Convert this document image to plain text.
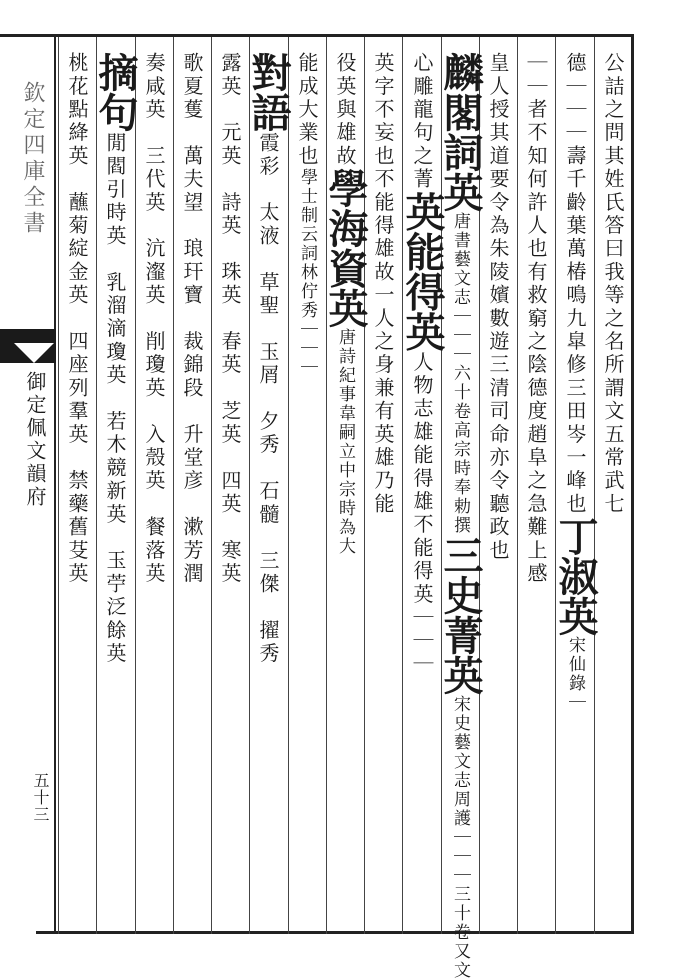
欽定四庫全書
御定佩文韻府
五十三
公詰之問其姓氏答曰我等之名所謂文五常武七
德｜｜｜壽千齡葉萬椿鳴九皐修三田岑一峰也丁淑英宋仙錄｜
｜｜者不知何許人也有救窮之陰德度趙阜之急難上感
皇人授其道要令為朱陵嬪數遊三清司命亦令聽政也
麟閣詞英唐書藝文志｜｜｜六十卷高宗時奉勅撰三史菁英宋史藝文志周護｜｜｜三十卷又文
心雕龍句之菁英能得英人物志雄能得雄不能得英｜｜｜
英字不妄也不能得雄故一人之身兼有英雄乃能
役英與雄故學海資英唐詩紀事韋嗣立中宗時為大
能成大業也學士制云詞林佇秀｜｜｜
對語霞彩　太液　草聖　玉屑　夕秀　石髓　三傑　擢秀
露英　元英　詩英　珠英　春英　芝英　四英　寒英
歌夏蒦　萬夫望　琅玕寶　裁錦段　升堂彦　漱芳潤
奏咸英　三代英　沆瀣英　削瓊英　入殼英　餐落英
摘句閒閻引時英　乳溜滴瓊英　若木競新英　玉苧泛餘英
桃花點絳英　蘸菊綻金英　四座列羣英　禁藥舊芟英
